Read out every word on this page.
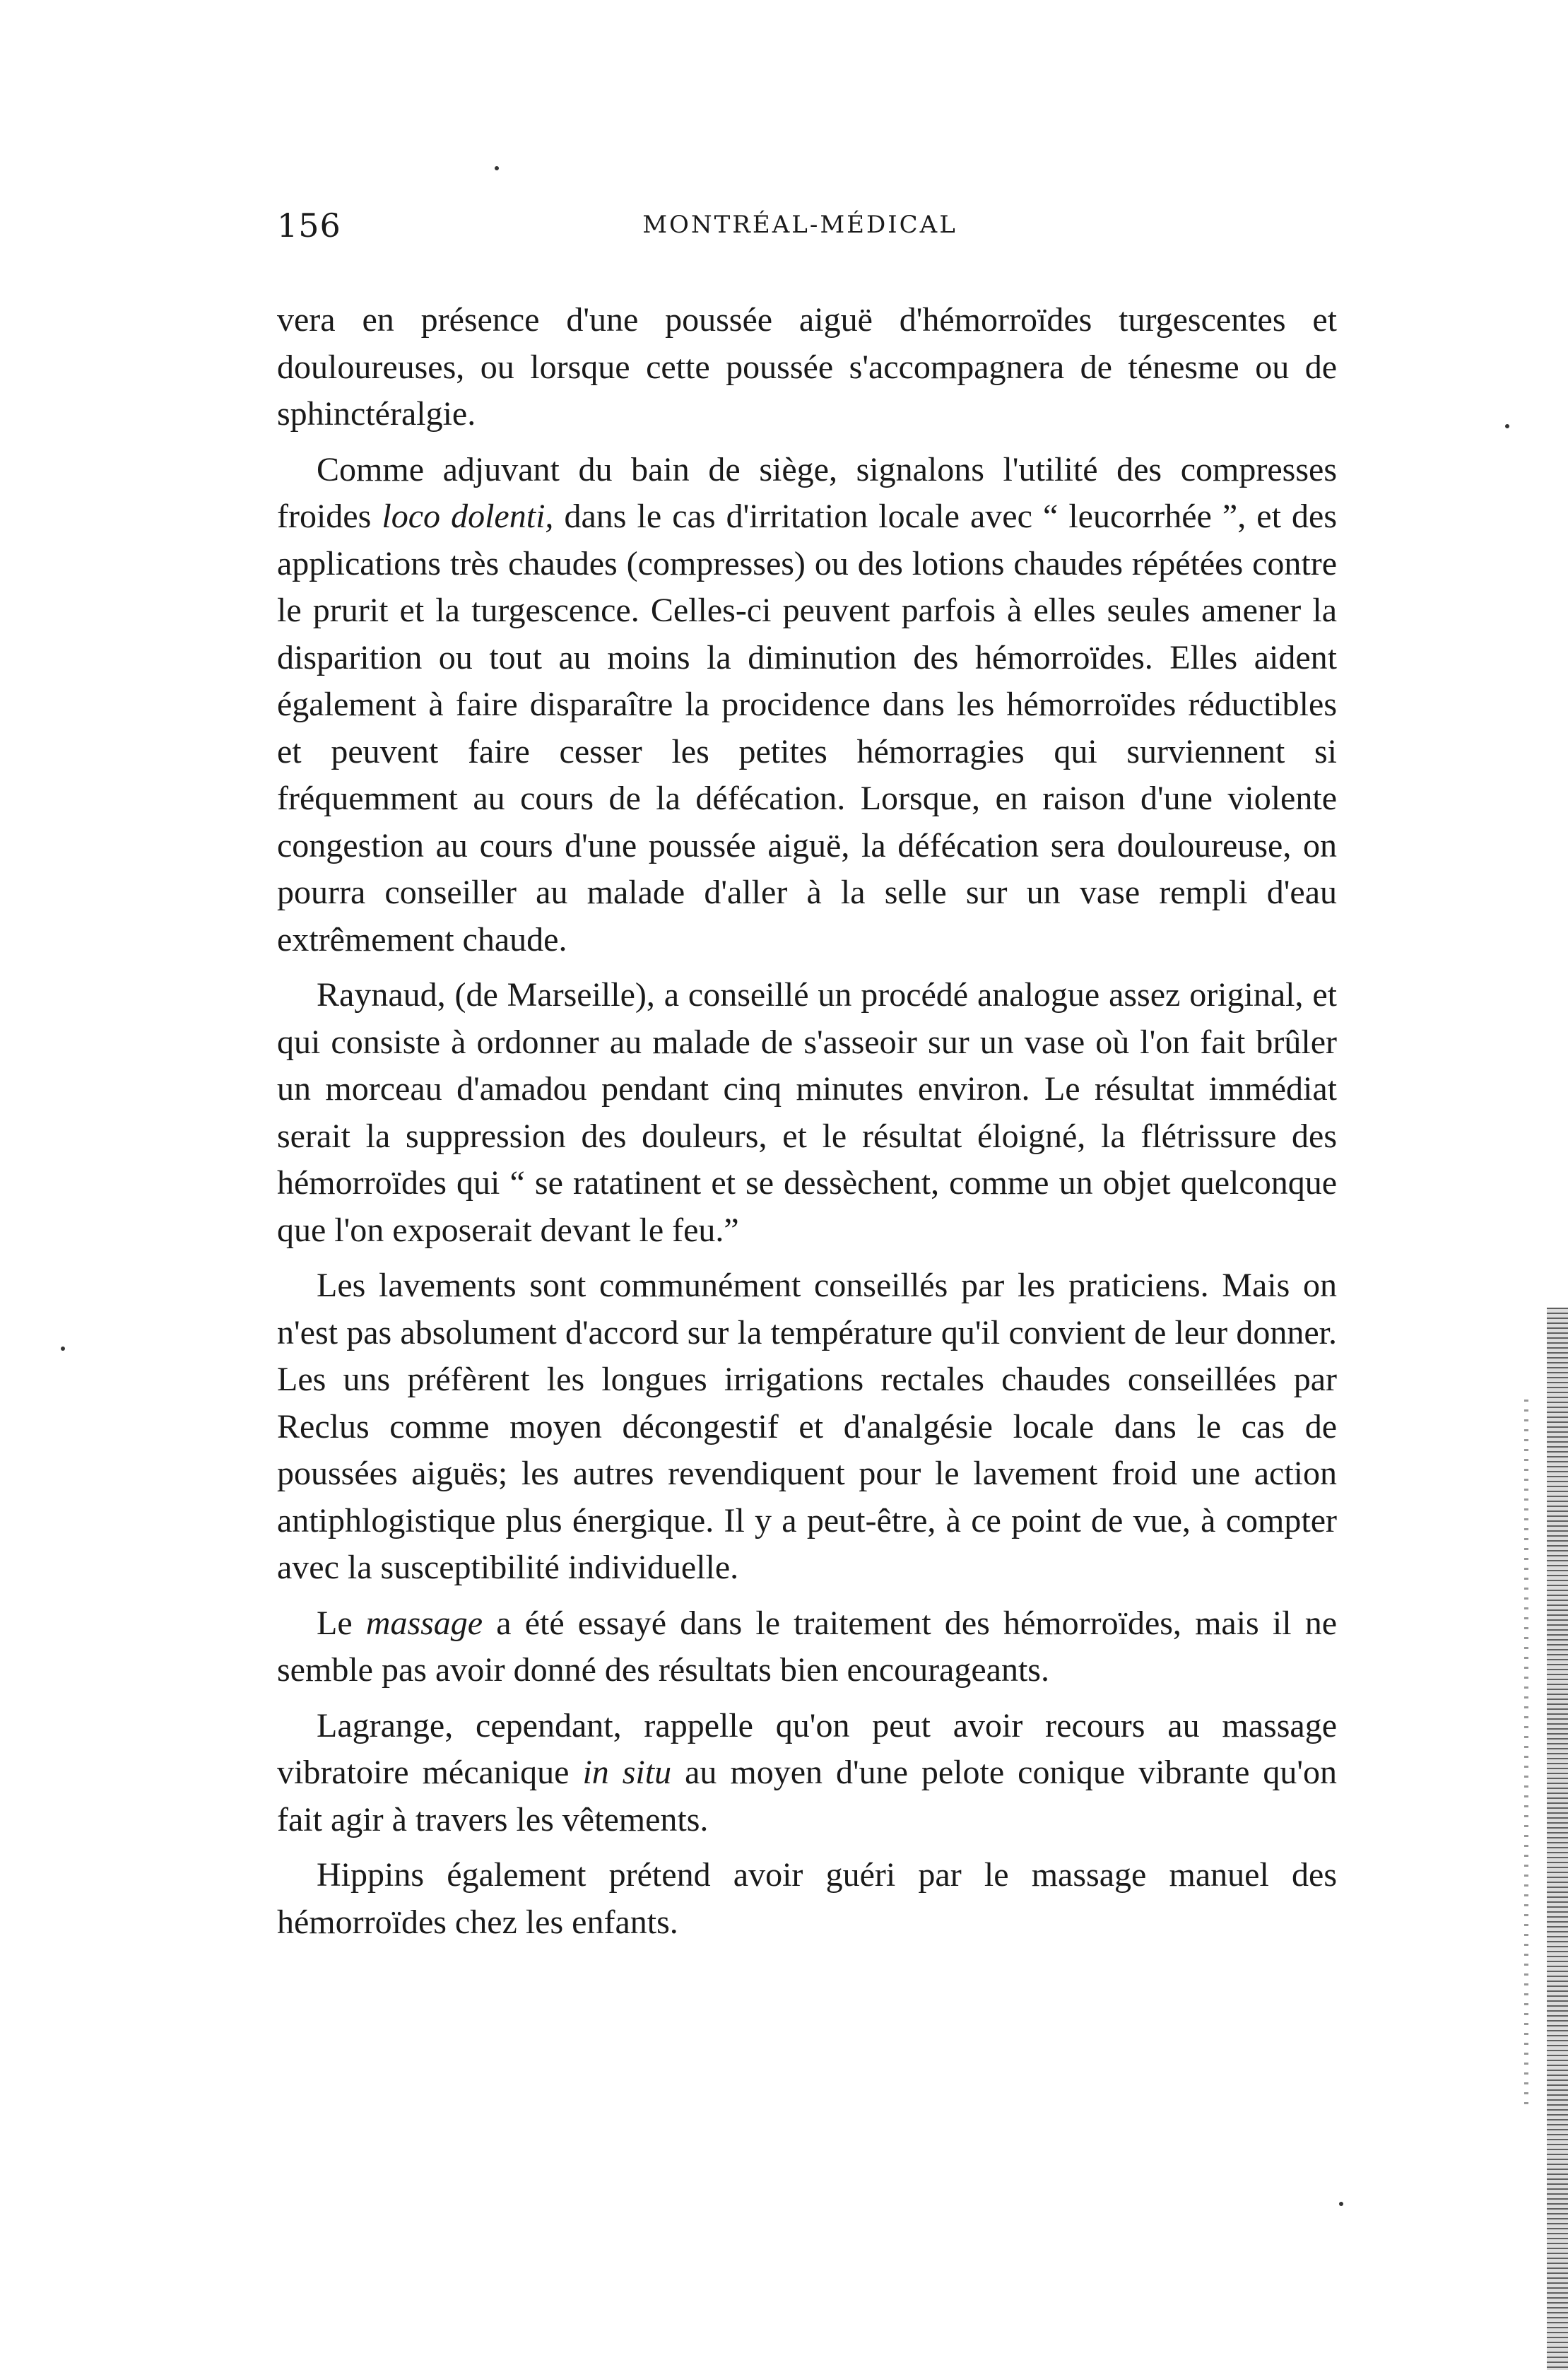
156	MONTRÉAL-MÉDICAL

vera en présence d'une poussée aiguë d'hémorroïdes turgescentes et douloureuses, ou lorsque cette poussée s'accompagnera de ténesme ou de sphinctéralgie.

Comme adjuvant du bain de siège, signalons l'utilité des compresses froides loco dolenti, dans le cas d'irritation locale avec “ leucorrhée ”, et des applications très chaudes (compresses) ou des lotions chaudes répétées contre le prurit et la turgescence. Celles-ci peuvent parfois à elles seules amener la disparition ou tout au moins la diminution des hémorroïdes. Elles aident également à faire disparaître la procidence dans les hémorroïdes réductibles et peuvent faire cesser les petites hémorragies qui surviennent si fréquemment au cours de la défécation. Lorsque, en raison d'une violente congestion au cours d'une poussée aiguë, la défécation sera douloureuse, on pourra conseiller au malade d'aller à la selle sur un vase rempli d'eau extrêmement chaude.

Raynaud, (de Marseille), a conseillé un procédé analogue assez original, et qui consiste à ordonner au malade de s'asseoir sur un vase où l'on fait brûler un morceau d'amadou pendant cinq minutes environ. Le résultat immédiat serait la suppression des douleurs, et le résultat éloigné, la flétrissure des hémorroïdes qui “ se ratatinent et se dessèchent, comme un objet quelconque que l'on exposerait devant le feu.”

Les lavements sont communément conseillés par les praticiens. Mais on n'est pas absolument d'accord sur la température qu'il convient de leur donner. Les uns préfèrent les longues irrigations rectales chaudes conseillées par Reclus comme moyen décongestif et d'analgésie locale dans le cas de poussées aiguës; les autres revendiquent pour le lavement froid une action antiphlogistique plus énergique. Il y a peut-être, à ce point de vue, à compter avec la susceptibilité individuelle.

Le massage a été essayé dans le traitement des hémorroïdes, mais il ne semble pas avoir donné des résultats bien encourageants.

Lagrange, cependant, rappelle qu'on peut avoir recours au massage vibratoire mécanique in situ au moyen d'une pelote conique vibrante qu'on fait agir à travers les vêtements.

Hippins également prétend avoir guéri par le massage manuel des hémorroïdes chez les enfants.
